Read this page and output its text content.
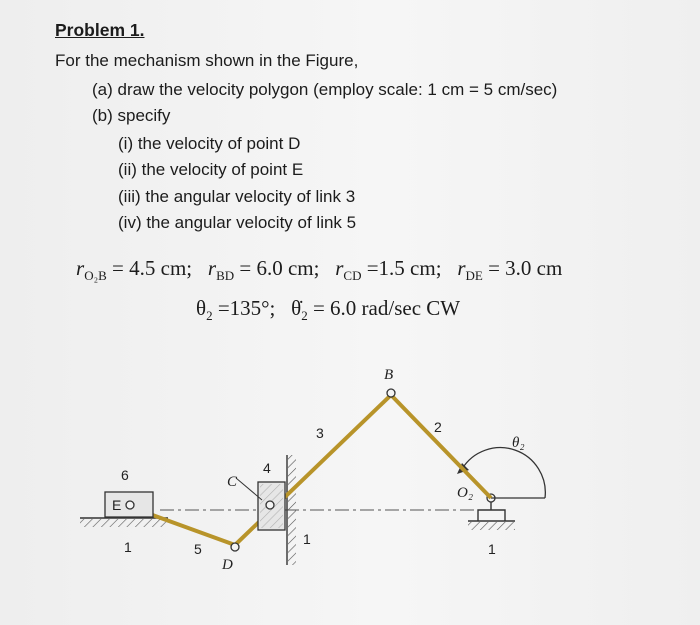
Problem 1.
For the mechanism shown in the Figure,
(a) draw the velocity polygon (employ scale: 1 cm = 5 cm/sec)
(b) specify
(i) the velocity of point D
(ii) the velocity of point E
(iii) the angular velocity of link 3
(iv) the angular velocity of link 5
$r_{O_2B} = 4.5$ cm; $r_{BD} = 6.0$ cm; $r_{CD} =1.5$ cm; $r_{DE} = 3.0$ cm
$\theta_2 =135^\circ$; $\thetȧ_2 = 6.0$ rad/sec CW
B
C
D
E
O₂
θ₂
2
3
4
5
6
1	1
1
